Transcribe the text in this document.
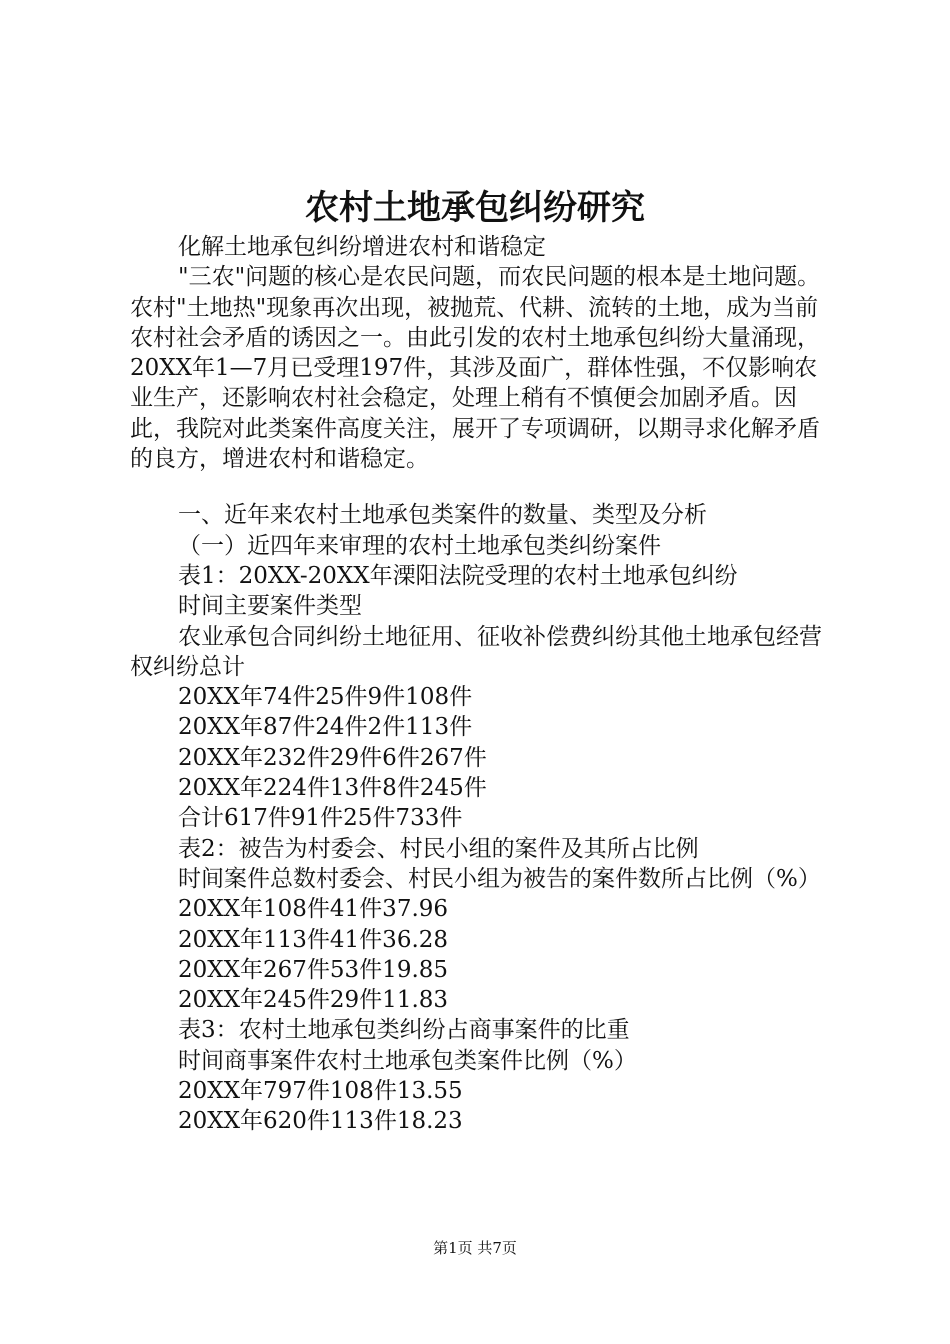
农村土地承包纠纷研究

化解土地承包纠纷增进农村和谐稳定

"三农"问题的核心是农民问题，而农民问题的根本是土地问题。农村"土地热"现象再次出现，被抛荒、代耕、流转的土地，成为当前农村社会矛盾的诱因之一。由此引发的农村土地承包纠纷大量涌现，20XX年1—7月已受理197件，其涉及面广，群体性强，不仅影响农业生产，还影响农村社会稳定，处理上稍有不慎便会加剧矛盾。因此，我院对此类案件高度关注，展开了专项调研，以期寻求化解矛盾的良方，增进农村和谐稳定。

一、近年来农村土地承包类案件的数量、类型及分析

（一）近四年来审理的农村土地承包类纠纷案件

表1：20XX-20XX年溧阳法院受理的农村土地承包纠纷

时间主要案件类型

农业承包合同纠纷土地征用、征收补偿费纠纷其他土地承包经营权纠纷总计

20XX年74件25件9件108件

20XX年87件24件2件113件

20XX年232件29件6件267件

20XX年224件13件8件245件

合计617件91件25件733件

表2：被告为村委会、村民小组的案件及其所占比例

时间案件总数村委会、村民小组为被告的案件数所占比例（%）

20XX年108件41件37.96

20XX年113件41件36.28

20XX年267件53件19.85

20XX年245件29件11.83

表3：农村土地承包类纠纷占商事案件的比重

时间商事案件农村土地承包类案件比例（%）

20XX年797件108件13.55

20XX年620件113件18.23

第1页 共7页
